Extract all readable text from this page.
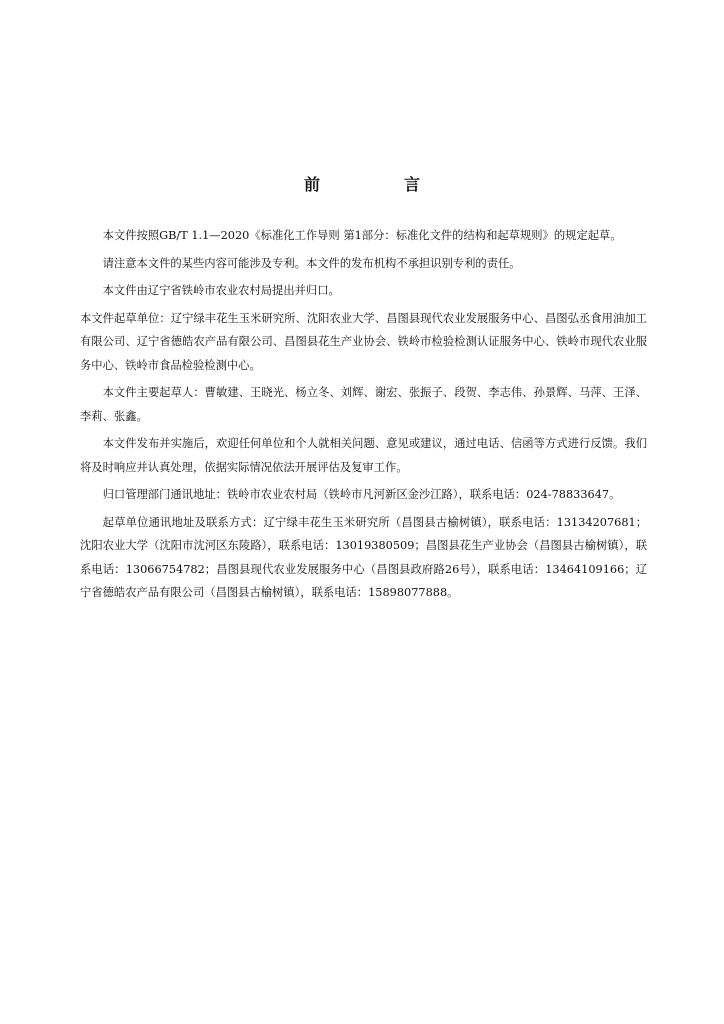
前　言

本文件按照GB/T 1.1—2020《标准化工作导则 第1部分：标准化文件的结构和起草规则》的规定起草。

请注意本文件的某些内容可能涉及专利。本文件的发布机构不承担识别专利的责任。

本文件由辽宁省铁岭市农业农村局提出并归口。

本文件起草单位：辽宁绿丰花生玉米研究所、沈阳农业大学、昌图县现代农业发展服务中心、昌图弘丞食用油加工有限公司、辽宁省德皓农产品有限公司、昌图县花生产业协会、铁岭市检验检测认证服务中心、铁岭市现代农业服务中心、铁岭市食品检验检测中心。

本文件主要起草人：曹敏建、王晓光、杨立冬、刘辉、谢宏、张振子、段贺、李志伟、孙景辉、马萍、王泽、李莉、张鑫。

本文件发布并实施后，欢迎任何单位和个人就相关问题、意见或建议，通过电话、信函等方式进行反馈。我们将及时响应并认真处理，依据实际情况依法开展评估及复审工作。

归口管理部门通讯地址：铁岭市农业农村局（铁岭市凡河新区金沙江路），联系电话：024-78833647。

起草单位通讯地址及联系方式：辽宁绿丰花生玉米研究所（昌图县古榆树镇），联系电话：13134207681；沈阳农业大学（沈阳市沈河区东陵路），联系电话：13019380509；昌图县花生产业协会（昌图县古榆树镇），联系电话：13066754782；昌图县现代农业发展服务中心（昌图县政府路26号），联系电话：13464109166；辽宁省德皓农产品有限公司（昌图县古榆树镇），联系电话：15898077888。
